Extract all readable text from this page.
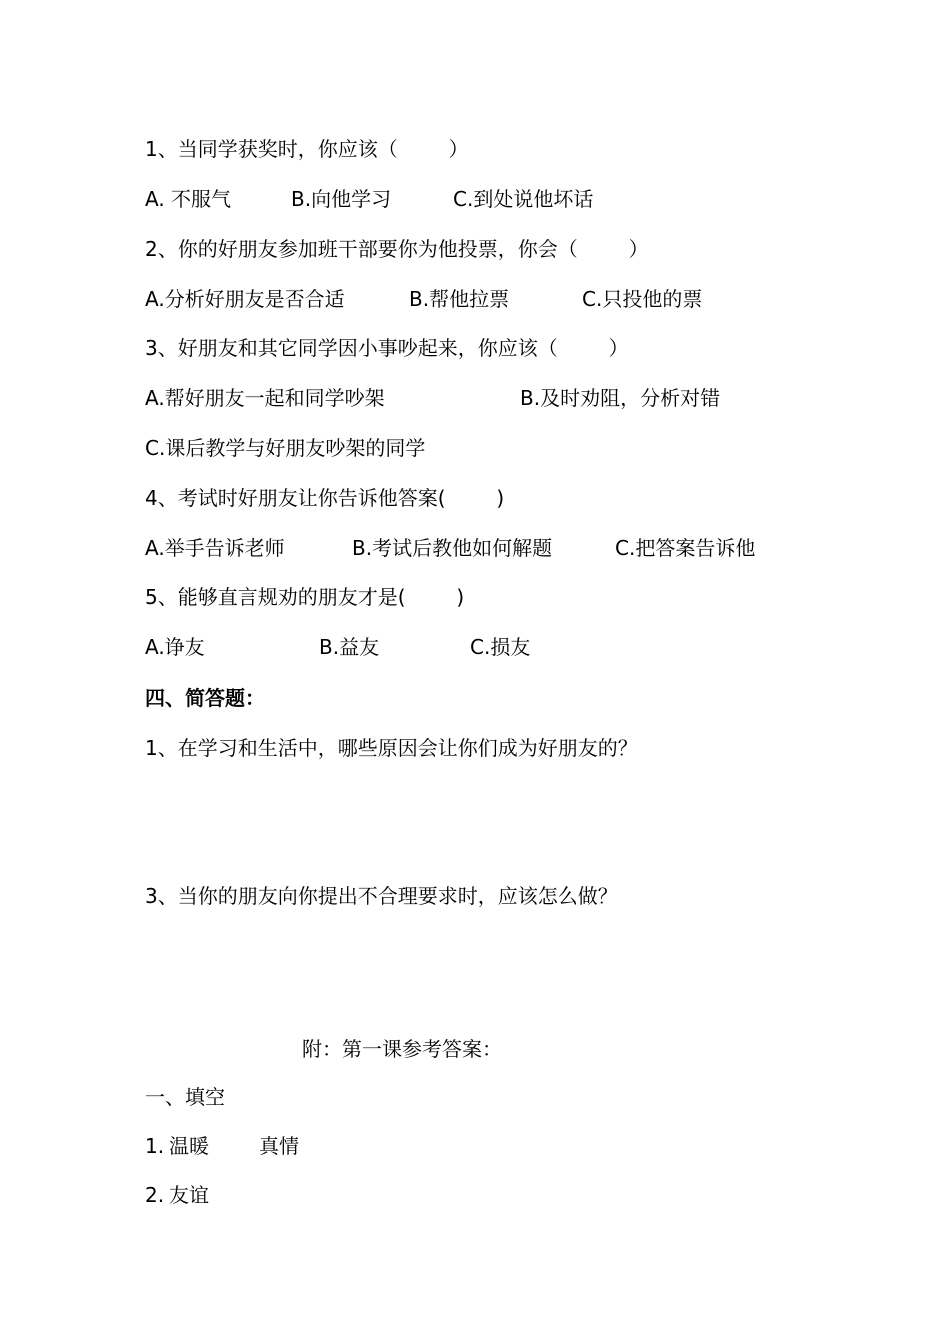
1、当同学获奖时，你应该（        ）
A. 不服气	B.向他学习	C.到处说他坏话
2、你的好朋友参加班干部要你为他投票，你会（        ）
A.分析好朋友是否合适	B.帮他拉票	C.只投他的票
3、好朋友和其它同学因小事吵起来，你应该（        ）
A.帮好朋友一起和同学吵架	B.及时劝阻，分析对错
C.课后教学与好朋友吵架的同学
4、考试时好朋友让你告诉他答案(        )
A.举手告诉老师	B.考试后教他如何解题	C.把答案告诉他
5、能够直言规劝的朋友才是(        )
A.诤友	B.益友	C.损友
四、简答题：
1、在学习和生活中，哪些原因会让你们成为好朋友的？
3、当你的朋友向你提出不合理要求时，应该怎么做？
附：第一课参考答案：
一、填空
1. 温暖	真情
2. 友谊
